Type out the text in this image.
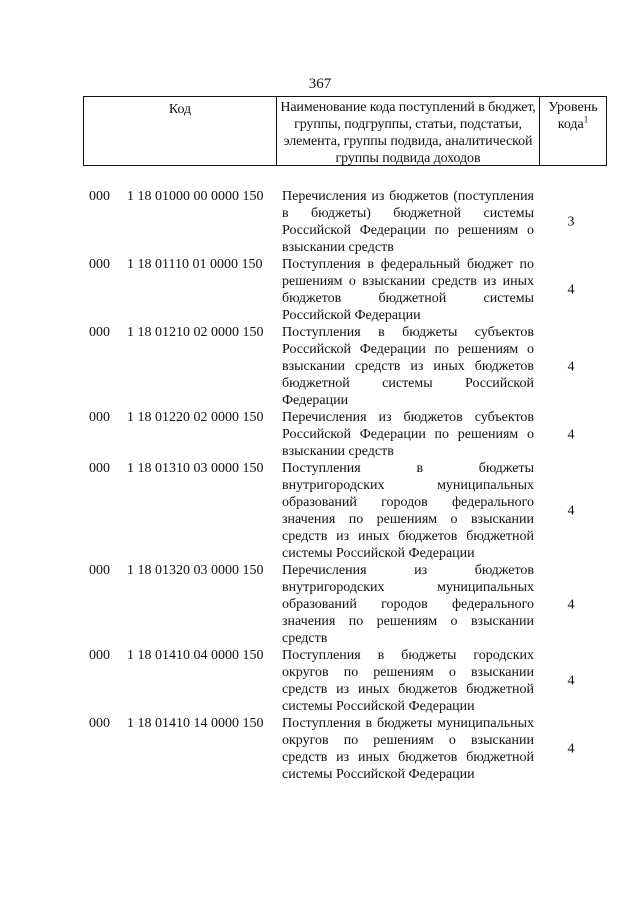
367
Код	Наименование кода поступлений в бюджет, группы, подгруппы, статьи, подстатьи, элемента, группы подвида, аналитической группы подвида доходов
Уровень кода$^1$
000 1 18 01000 00 0000 150 Перечисления из бюджетов (поступления в бюджеты) бюджетной системы Российской Федерации по решениям о взыскании средств
3
000 1 18 01110 01 0000 150 Поступления в федеральный бюджет по решениям о взыскании средств из иных бюджетов бюджетной системы Российской Федерации
4
000 1 18 01210 02 0000 150 Поступления в бюджеты субъектов Российской Федерации по решениям о взыскании средств из иных бюджетов бюджетной системы Российской Федерации
4
000 1 18 01220 02 0000 150 Перечисления из бюджетов субъектов Российской Федерации по решениям о взыскании средств
4
000 1 18 01310 03 0000 150 Поступления в бюджеты внутригородских муниципальных образований городов федерального значения по решениям о взыскании средств из иных бюджетов бюджетной системы Российской Федерации
4
000 1 18 01320 03 0000 150 Перечисления из бюджетов внутригородских муниципальных образований городов федерального значения по решениям о взыскании средств
4
000 1 18 01410 04 0000 150 Поступления в бюджеты городских округов по решениям о взыскании средств из иных бюджетов бюджетной системы Российской Федерации
4
000 1 18 01410 14 0000 150 Поступления в бюджеты муниципальных округов по решениям о взыскании средств из иных бюджетов бюджетной системы Российской Федерации
4
